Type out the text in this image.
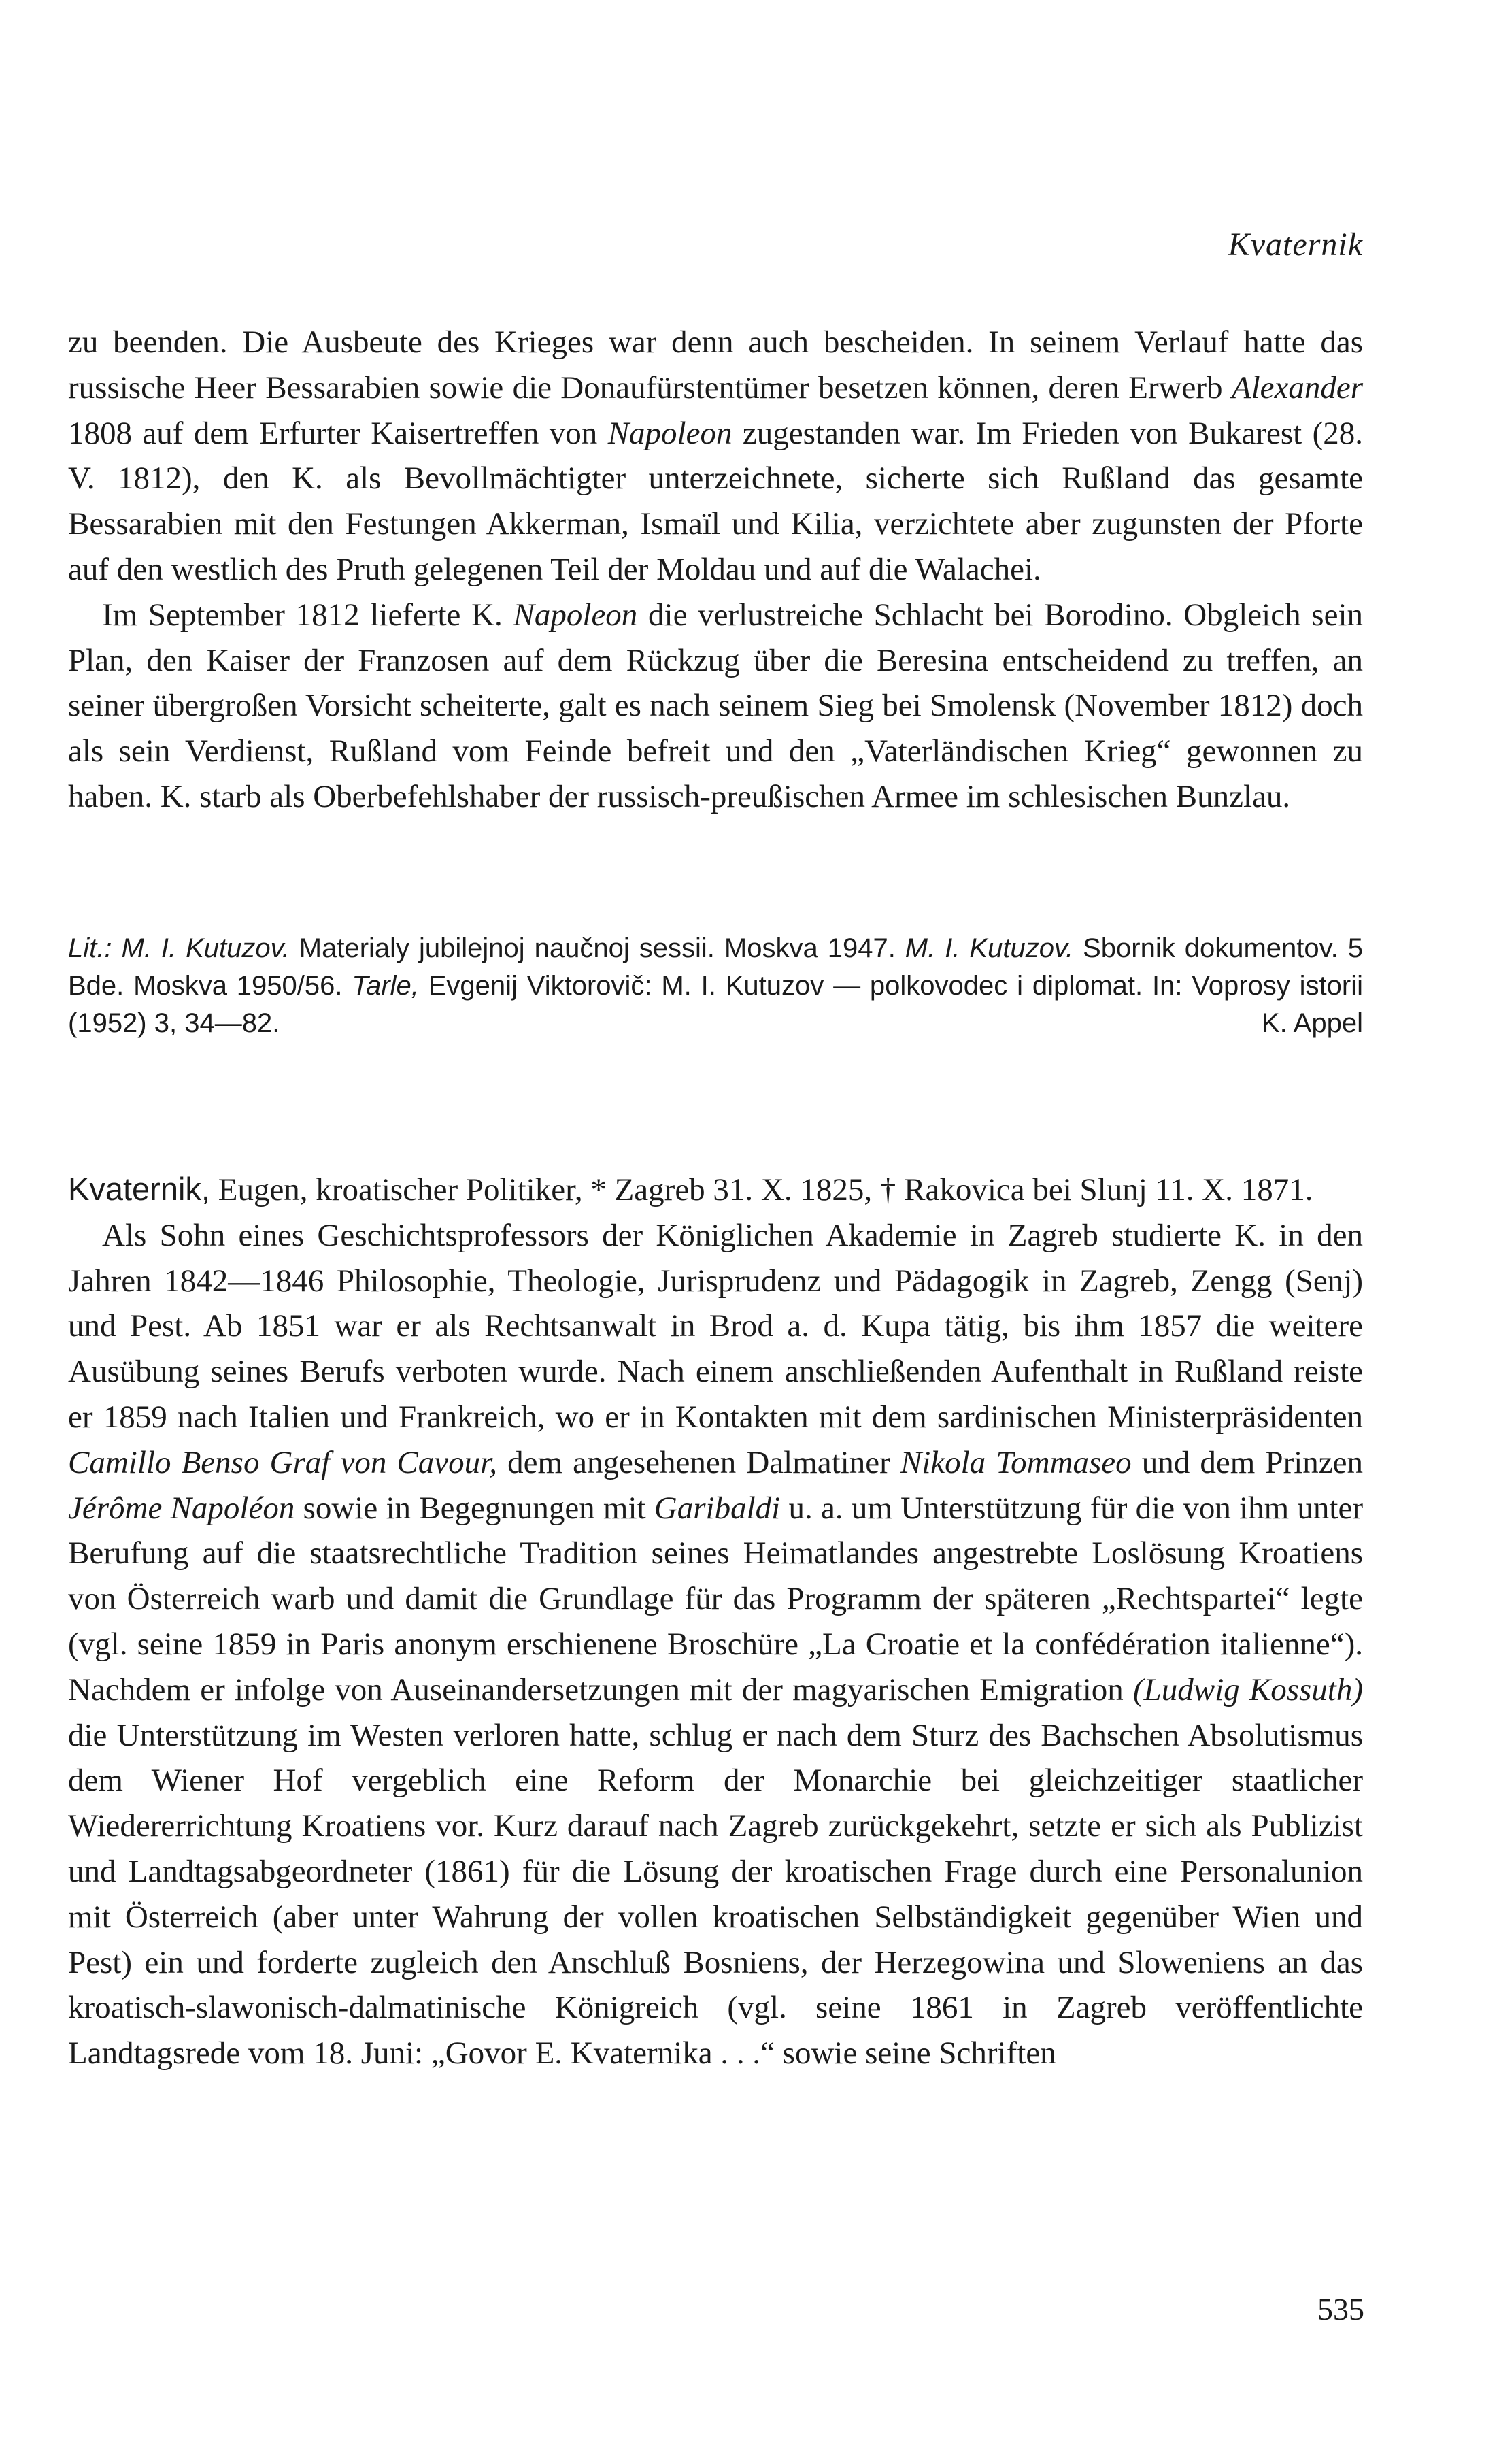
Kvaternik

zu beenden. Die Ausbeute des Krieges war denn auch bescheiden. In seinem Verlauf hatte das russische Heer Bessarabien sowie die Donaufürstentümer besetzen können, deren Erwerb Alexander 1808 auf dem Erfurter Kaisertreffen von Napoleon zugestanden war. Im Frieden von Bukarest (28. V. 1812), den K. als Bevollmächtigter unterzeichnete, sicherte sich Rußland das gesamte Bessarabien mit den Festungen Akkerman, Ismaïl und Kilia, verzichtete aber zugunsten der Pforte auf den westlich des Pruth gelegenen Teil der Moldau und auf die Walachei.

Im September 1812 lieferte K. Napoleon die verlustreiche Schlacht bei Borodino. Obgleich sein Plan, den Kaiser der Franzosen auf dem Rückzug über die Beresina entscheidend zu treffen, an seiner übergroßen Vorsicht scheiterte, galt es nach seinem Sieg bei Smolensk (November 1812) doch als sein Verdienst, Rußland vom Feinde befreit und den „Vaterländischen Krieg“ gewonnen zu haben. K. starb als Oberbefehlshaber der russisch-preußischen Armee im schlesischen Bunzlau.

Lit.: M. I. Kutuzov. Materialy jubilejnoj naučnoj sessii. Moskva 1947. M. I. Kutuzov. Sbornik dokumentov. 5 Bde. Moskva 1950/56. Tarle, Evgenij Viktorovič: M. I. Kutuzov — polkovodec i diplomat. In: Voprosy istorii (1952) 3, 34—82.	K. Appel

Kvaternik, Eugen, kroatischer Politiker, * Zagreb 31. X. 1825, † Rakovica bei Slunj 11. X. 1871.

Als Sohn eines Geschichtsprofessors der Königlichen Akademie in Zagreb studierte K. in den Jahren 1842—1846 Philosophie, Theologie, Jurisprudenz und Pädagogik in Zagreb, Zengg (Senj) und Pest. Ab 1851 war er als Rechtsanwalt in Brod a. d. Kupa tätig, bis ihm 1857 die weitere Ausübung seines Berufs verboten wurde. Nach einem anschließenden Aufenthalt in Rußland reiste er 1859 nach Italien und Frankreich, wo er in Kontakten mit dem sardinischen Ministerpräsidenten Camillo Benso Graf von Cavour, dem angesehenen Dalmatiner Nikola Tommaseo und dem Prinzen Jérôme Napoléon sowie in Begegnungen mit Garibaldi u. a. um Unterstützung für die von ihm unter Berufung auf die staatsrechtliche Tradition seines Heimatlandes angestrebte Loslösung Kroatiens von Österreich warb und damit die Grundlage für das Programm der späteren „Rechtspartei“ legte (vgl. seine 1859 in Paris anonym erschienene Broschüre „La Croatie et la confédération italienne“). Nachdem er infolge von Auseinandersetzungen mit der magyarischen Emigration (Ludwig Kossuth) die Unterstützung im Westen verloren hatte, schlug er nach dem Sturz des Bachschen Absolutismus dem Wiener Hof vergeblich eine Reform der Monarchie bei gleichzeitiger staatlicher Wiedererrichtung Kroatiens vor. Kurz darauf nach Zagreb zurückgekehrt, setzte er sich als Publizist und Landtagsabgeordneter (1861) für die Lösung der kroatischen Frage durch eine Personalunion mit Österreich (aber unter Wahrung der vollen kroatischen Selbständigkeit gegenüber Wien und Pest) ein und forderte zugleich den Anschluß Bosniens, der Herzegowina und Sloweniens an das kroatisch-slawonisch-dalmatinische Königreich (vgl. seine 1861 in Zagreb veröffentlichte Landtagsrede vom 18. Juni: „Govor E. Kvaternika . . .“ sowie seine Schriften

535
